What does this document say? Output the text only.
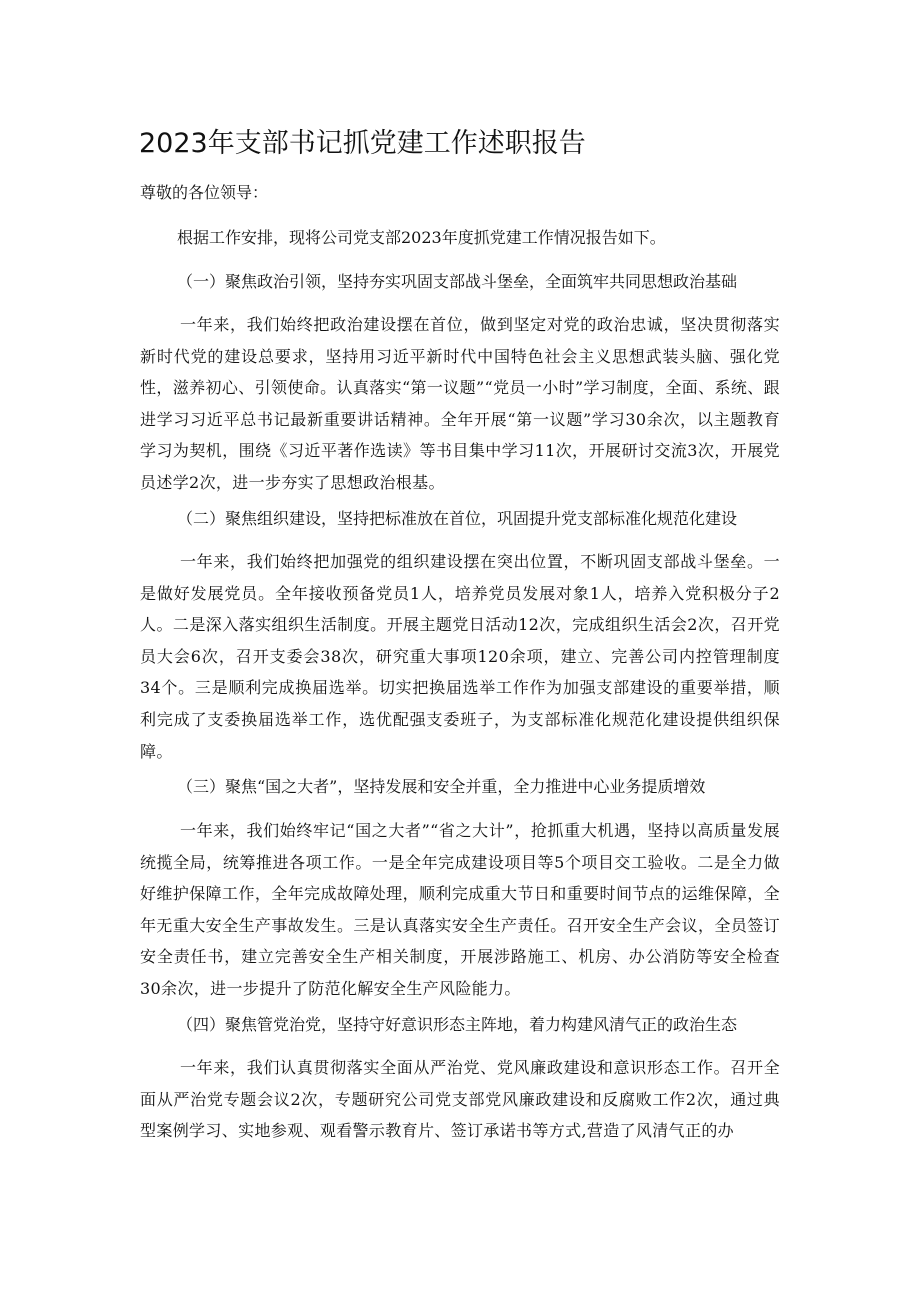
2023年支部书记抓党建工作述职报告

尊敬的各位领导：

根据工作安排，现将公司党支部2023年度抓党建工作情况报告如下。

（一）聚焦政治引领，坚持夯实巩固支部战斗堡垒，全面筑牢共同思想政治基础

一年来，我们始终把政治建设摆在首位，做到坚定对党的政治忠诚，坚决贯彻落实新时代党的建设总要求，坚持用习近平新时代中国特色社会主义思想武装头脑、强化党性，滋养初心、引领使命。认真落实“第一议题”“党员一小时”学习制度，全面、系统、跟进学习习近平总书记最新重要讲话精神。全年开展“第一议题”学习30余次，以主题教育学习为契机，围绕《习近平著作选读》等书目集中学习11次，开展研讨交流3次，开展党员述学2次，进一步夯实了思想政治根基。

（二）聚焦组织建设，坚持把标准放在首位，巩固提升党支部标准化规范化建设

一年来，我们始终把加强党的组织建设摆在突出位置，不断巩固支部战斗堡垒。一是做好发展党员。全年接收预备党员1人，培养党员发展对象1人，培养入党积极分子2人。二是深入落实组织生活制度。开展主题党日活动12次，完成组织生活会2次，召开党员大会6次，召开支委会38次，研究重大事项120余项，建立、完善公司内控管理制度34个。三是顺利完成换届选举。切实把换届选举工作作为加强支部建设的重要举措，顺利完成了支委换届选举工作，选优配强支委班子，为支部标准化规范化建设提供组织保障。

（三）聚焦“国之大者”，坚持发展和安全并重，全力推进中心业务提质增效

一年来，我们始终牢记“国之大者”“省之大计”，抢抓重大机遇，坚持以高质量发展统揽全局，统筹推进各项工作。一是全年完成建设项目等5个项目交工验收。二是全力做好维护保障工作，全年完成故障处理，顺利完成重大节日和重要时间节点的运维保障，全年无重大安全生产事故发生。三是认真落实安全生产责任。召开安全生产会议，全员签订安全责任书，建立完善安全生产相关制度，开展涉路施工、机房、办公消防等安全检查30余次，进一步提升了防范化解安全生产风险能力。

（四）聚焦管党治党，坚持守好意识形态主阵地，着力构建风清气正的政治生态

一年来，我们认真贯彻落实全面从严治党、党风廉政建设和意识形态工作。召开全面从严治党专题会议2次，专题研究公司党支部党风廉政建设和反腐败工作2次，通过典型案例学习、实地参观、观看警示教育片、签订承诺书等方式,营造了风清气正的办
